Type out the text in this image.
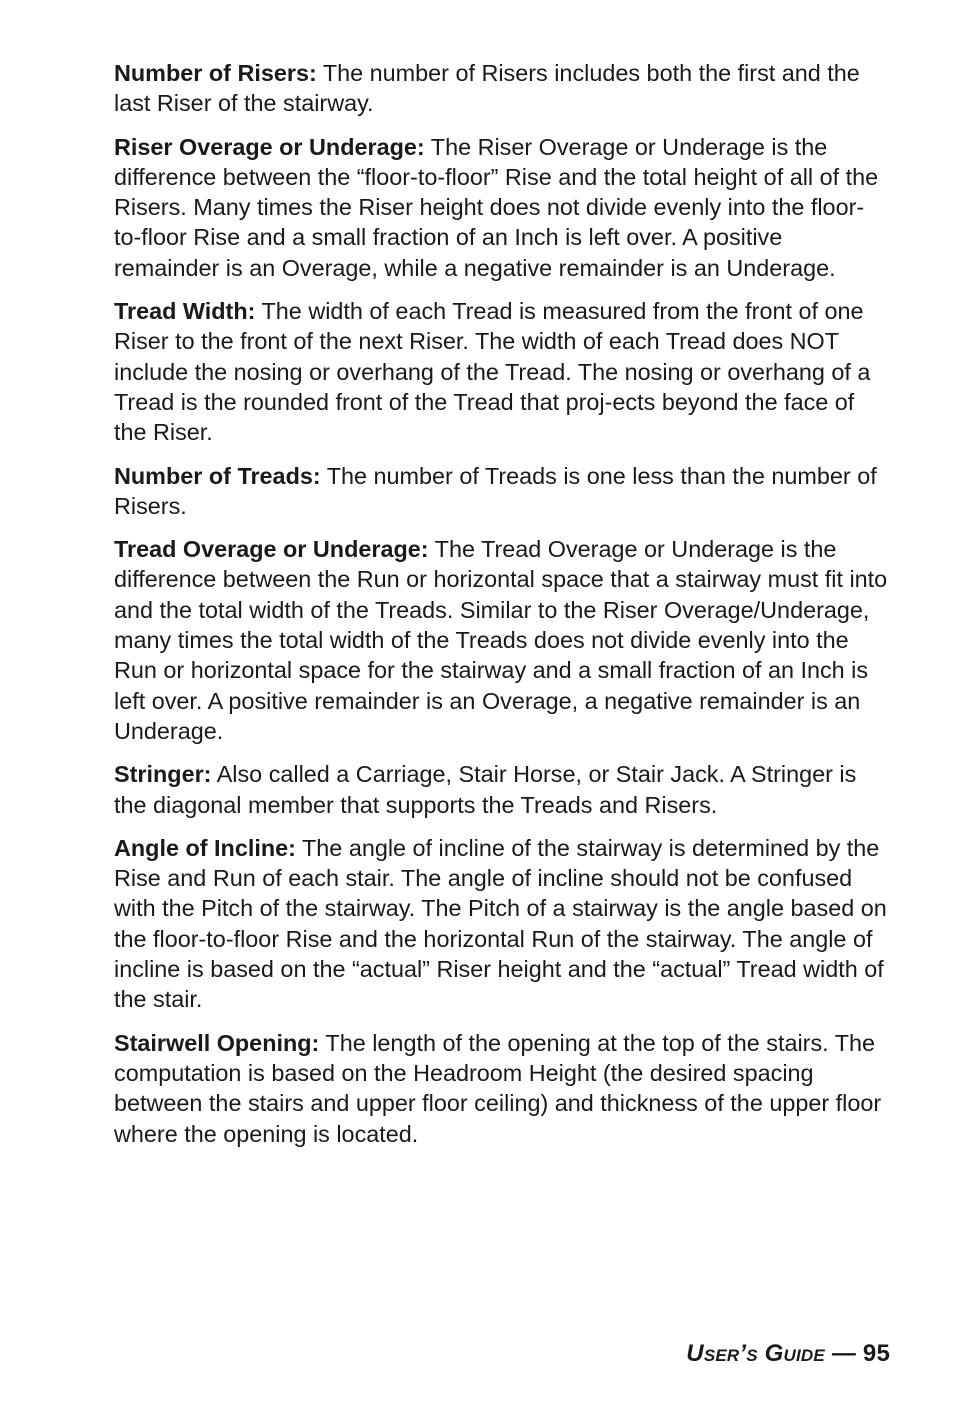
Number of Risers: The number of Risers includes both the first and the last Riser of the stairway.

Riser Overage or Underage: The Riser Overage or Underage is the difference between the “floor-to-floor” Rise and the total height of all of the Risers. Many times the Riser height does not divide evenly into the floor-to-floor Rise and a small fraction of an Inch is left over. A positive remainder is an Overage, while a negative remainder is an Underage.

Tread Width: The width of each Tread is measured from the front of one Riser to the front of the next Riser. The width of each Tread does NOT include the nosing or overhang of the Tread. The nosing or overhang of a Tread is the rounded front of the Tread that proj-ects beyond the face of the Riser.

Number of Treads: The number of Treads is one less than the number of Risers.

Tread Overage or Underage: The Tread Overage or Underage is the difference between the Run or horizontal space that a stairway must fit into and the total width of the Treads. Similar to the Riser Overage/Underage, many times the total width of the Treads does not divide evenly into the Run or horizontal space for the stairway and a small fraction of an Inch is left over. A positive remainder is an Overage, a negative remainder is an Underage.

Stringer: Also called a Carriage, Stair Horse, or Stair Jack. A Stringer is the diagonal member that supports the Treads and Risers.

Angle of Incline: The angle of incline of the stairway is determined by the Rise and Run of each stair. The angle of incline should not be confused with the Pitch of the stairway. The Pitch of a stairway is the angle based on the floor-to-floor Rise and the horizontal Run of the stairway. The angle of incline is based on the “actual” Riser height and the “actual” Tread width of the stair.

Stairwell Opening: The length of the opening at the top of the stairs. The computation is based on the Headroom Height (the desired spacing between the stairs and upper floor ceiling) and thickness of the upper floor where the opening is located.

User’s Guide — 95
